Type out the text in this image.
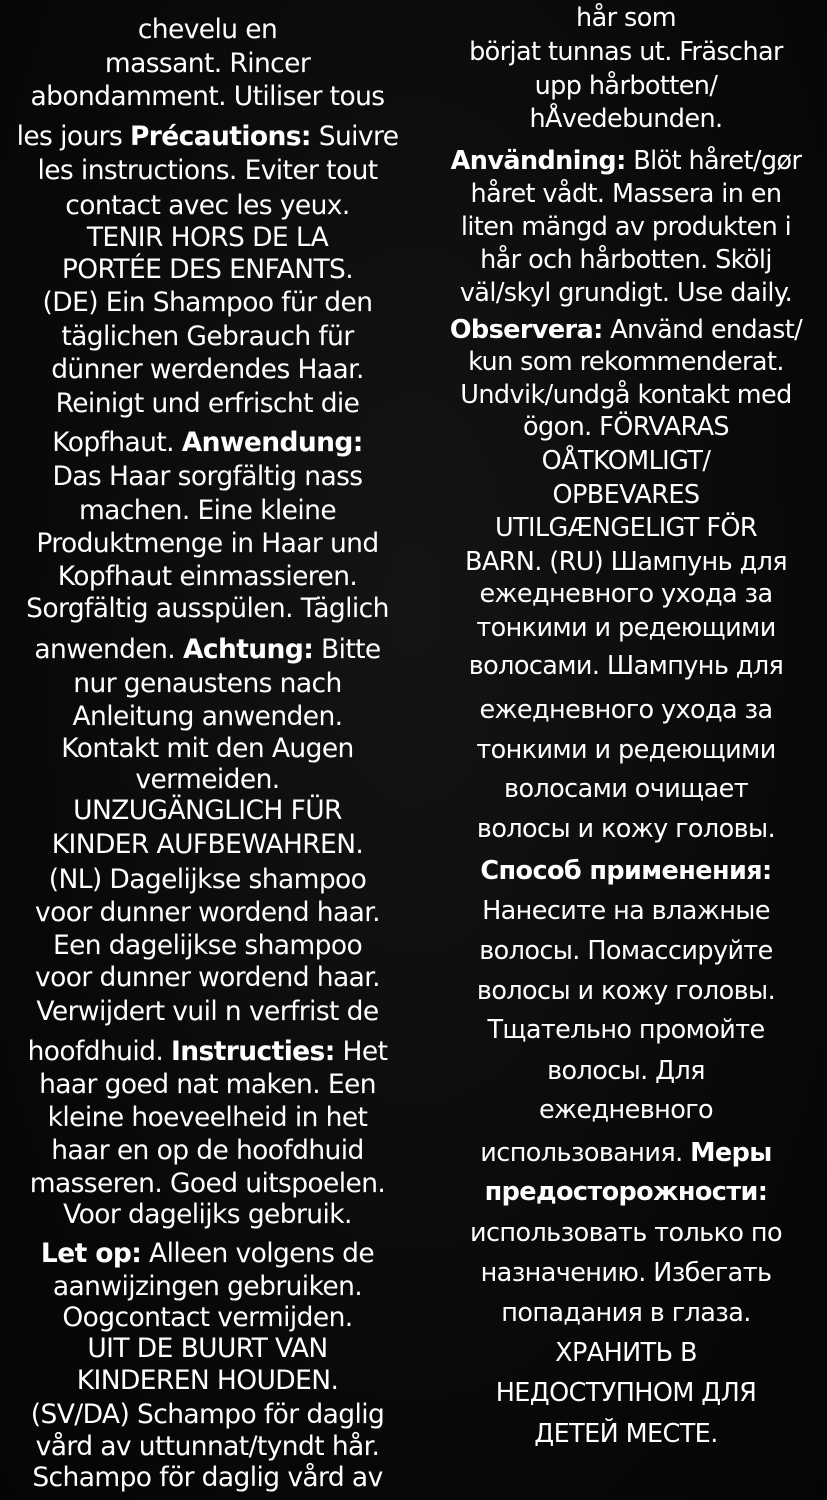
chevelu en
massant. Rincer
abondamment. Utiliser tous
les jours Précautions: Suivre
les instructions. Eviter tout
contact avec les yeux.
TENIR HORS DE LA
PORTÉE DES ENFANTS.
(DE) Ein Shampoo für den
täglichen Gebrauch für
dünner werdendes Haar.
Reinigt und erfrischt die
Kopfhaut. Anwendung:
Das Haar sorgfältig nass
machen. Eine kleine
Produktmenge in Haar und
Kopfhaut einmassieren.
Sorgfältig ausspülen. Täglich
anwenden. Achtung: Bitte
nur genaustens nach
Anleitung anwenden.
Kontakt mit den Augen
vermeiden.
UNZUGÄNGLICH FÜR
KINDER AUFBEWAHREN.
(NL) Dagelijkse shampoo
voor dunner wordend haar.
Een dagelijkse shampoo
voor dunner wordend haar.
Verwijdert vuil n verfrist de
hoofdhuid. Instructies: Het
haar goed nat maken. Een
kleine hoeveelheid in het
haar en op de hoofdhuid
masseren. Goed uitspoelen.
Voor dagelijks gebruik.
Let op: Alleen volgens de
aanwijzingen gebruiken.
Oogcontact vermijden.
UIT DE BUURT VAN
KINDEREN HOUDEN.
(SV/DA) Schampo för daglig
vård av uttunnat/tyndt hår.
Schampo för daglig vård av
hår som
börjat tunnas ut. Fräschar
upp hårbotten/
hÅvedebunden.
Användning: Blöt håret/gør
håret vådt. Massera in en
liten mängd av produkten i
hår och hårbotten. Skölj
väl/skyl grundigt. Use daily.
Observera: Använd endast/
kun som rekommenderat.
Undvik/undgå kontakt med
ögon. FÖRVARAS
OÅTKOMLIGT/
OPBEVARES
UTILGÆNGELIGT FÖR
BARN. (RU) Шампунь для
ежедневного ухода за
тонкими и редеющими
волосами. Шампунь для
ежедневного ухода за
тонкими и редеющими
волосами очищает
волосы и кожу головы.
Способ применения:
Нанесите на влажные
волосы. Помассируйте
волосы и кожу головы.
Тщательно промойте
волосы. Для
ежедневного
использования. Меры
предосторожности:
использовать только по
назначению. Избегать
попадания в глаза.
ХРАНИТЬ В
НЕДОСТУПНОМ ДЛЯ
ДЕТЕЙ МЕСТЕ.
